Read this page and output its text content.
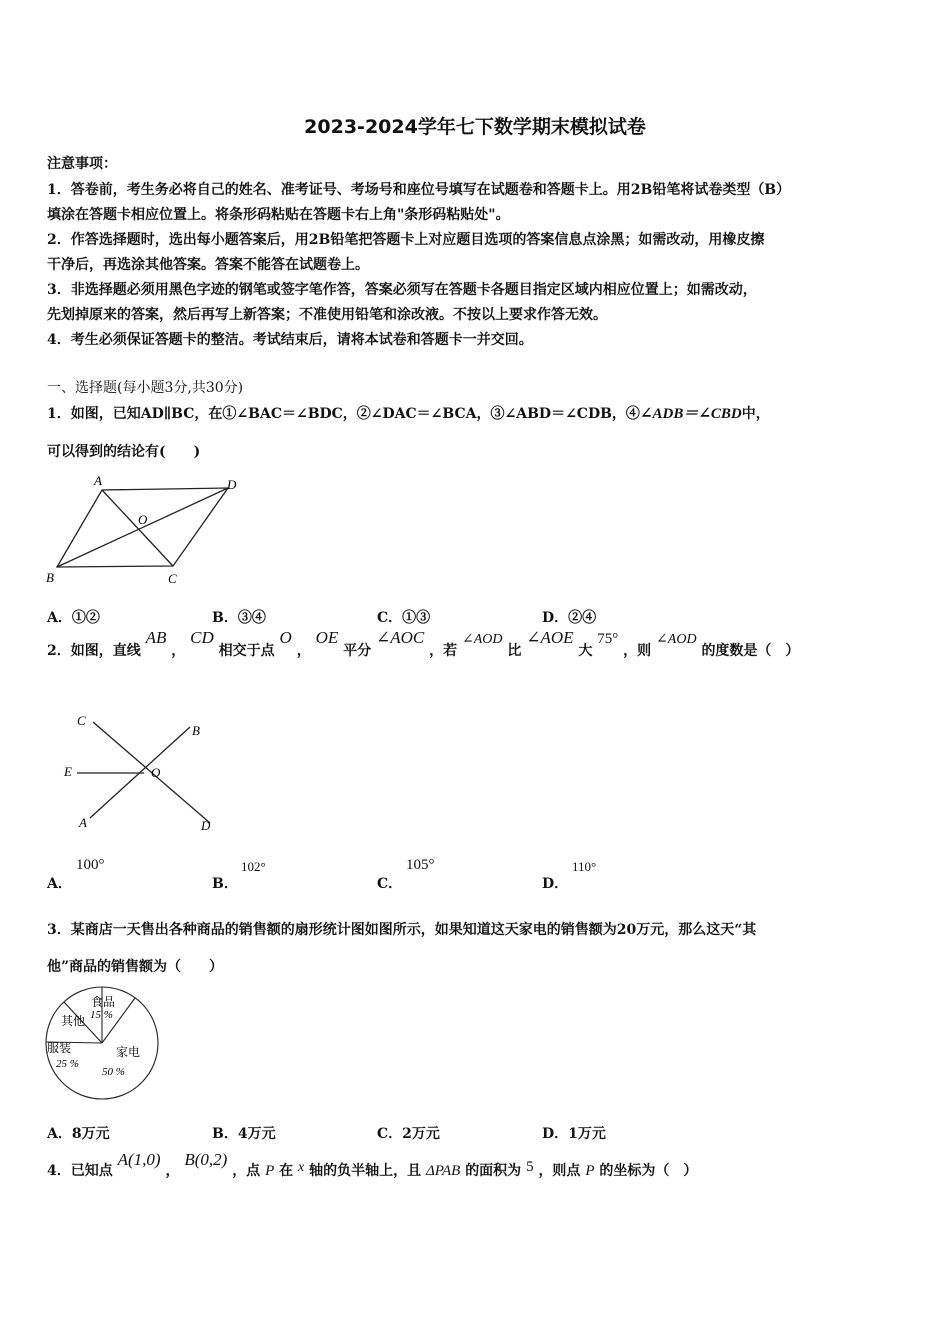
2023-2024学年七下数学期末模拟试卷
注意事项：
1．答卷前，考生务必将自己的姓名、准考证号、考场号和座位号填写在试题卷和答题卡上。用2B铅笔将试卷类型（B）
填涂在答题卡相应位置上。将条形码粘贴在答题卡右上角"条形码粘贴处"。
2．作答选择题时，选出每小题答案后，用2B铅笔把答题卡上对应题目选项的答案信息点涂黑；如需改动，用橡皮擦
干净后，再选涂其他答案。答案不能答在试题卷上。
3．非选择题必须用黑色字迹的钢笔或签字笔作答，答案必须写在答题卡各题目指定区域内相应位置上；如需改动，
先划掉原来的答案，然后再写上新答案；不准使用铅笔和涂改液。不按以上要求作答无效。
4．考生必须保证答题卡的整洁。考试结束后，请将本试卷和答题卡一并交回。
一、选择题(每小题3分,共30分)
1．如图，已知AD∥BC，在①∠BAC＝∠BDC，②∠DAC＝∠BCA，③∠ABD＝∠CDB，④∠ADB＝∠CBD中，
可以得到的结论有(　　)
A	D
O
B	C
A．①②	B．③④	C．①③	D．②④
2．如图，直线 AB ， CD 相交于点 O ， OE 平分 ∠AOC ，若 ∠AOD 比 ∠AOE 大 75° ，则 ∠AOD 的度数是（　）
C
B
E	O
A	D
A．
100°
B．
102°
C．
105°
D．
110°
3．某商店一天售出各种商品的销售额的扇形统计图如图所示，如果知道这天家电的销售额为20万元，那么这天“其
他”商品的销售额为（　　）
食品
15 %
其他
服装
25 %
家电
50 %
A．8万元	B．4万元	C．2万元	D．1万元
4．已知点 A(1,0) ， B(0,2) ，点 P 在 x 轴的负半轴上，且 ΔPAB 的面积为 5 ，则点 P 的坐标为（　）
